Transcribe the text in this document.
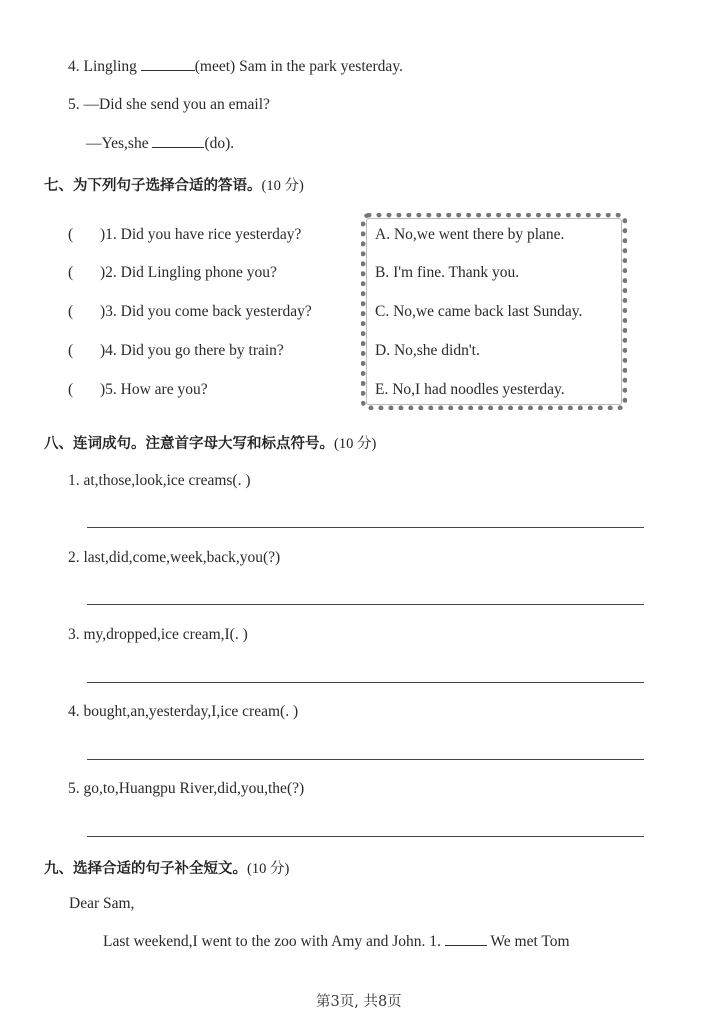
4. Lingling	(meet) Sam in the park yesterday.
5. —Did she send you an email?
—Yes,she	(do).
七、为下列句子选择合适的答语。(10 分)
( )1. Did you have rice yesterday?
( )2. Did Lingling phone you?
( )3. Did you come back yesterday?
( )4. Did you go there by train?
( )5. How are you?
A. No,we went there by plane.
B. I'm fine. Thank you.
C. No,we came back last Sunday.
D. No,she didn't.
E. No,I had noodles yesterday.
八、连词成句。注意首字母大写和标点符号。(10 分)
1. at,those,look,ice creams(. )
2. last,did,come,week,back,you(?)
3. my,dropped,ice cream,I(. )
4. bought,an,yesterday,I,ice cream(. )
5. go,to,Huangpu River,did,you,the(?)
九、选择合适的句子补全短文。(10 分)
Dear Sam,
Last weekend,I went to the zoo with Amy and John. 1.	We met Tom
第3页, 共8页
